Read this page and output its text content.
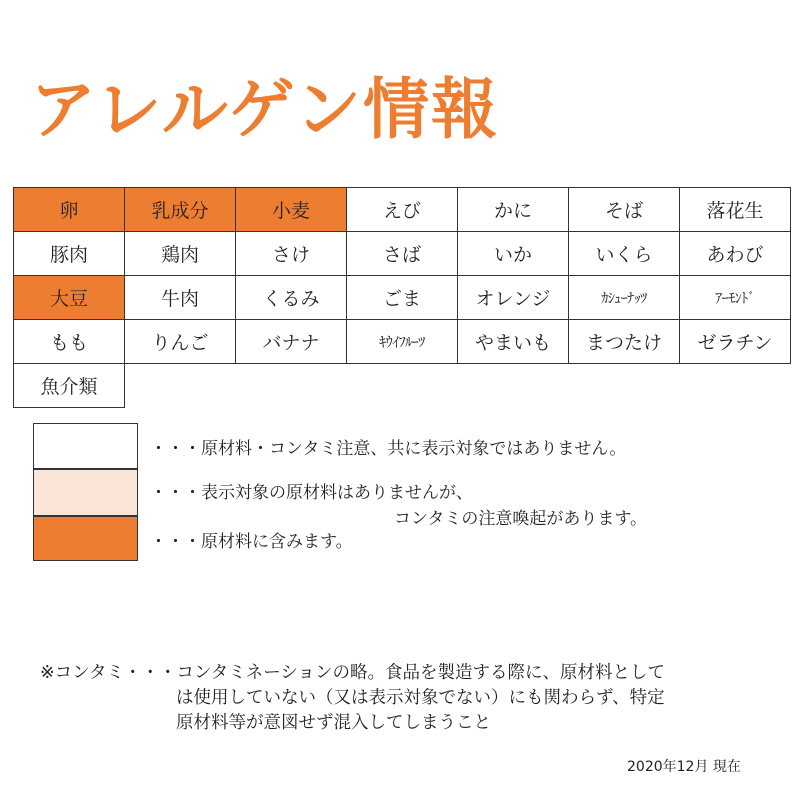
アレルゲン情報
卵	乳成分	小麦	えび	かに	そば	落花生
豚肉	鶏肉	さけ	さば	いか	いくら	あわび
大豆	牛肉	くるみ	ごま	オレンジ	ｶｼｭｰﾅｯﾂ	ｱｰﾓﾝﾄﾞ
もも	りんご	バナナ	ｷｳｲﾌﾙｰﾂ	やまいも	まつたけ	ゼラチン
魚介類						
・・・原材料・コンタミ注意、共に表示対象ではありません。
・・・表示対象の原材料はありませんが、
コンタミの注意喚起があります。
・・・原材料に含みます。
※コンタミ・・・コンタミネーションの略。食品を製造する際に、原材料として
は使用していない（又は表示対象でない）にも関わらず、特定
原材料等が意図せず混入してしまうこと
2020年12月 現在
